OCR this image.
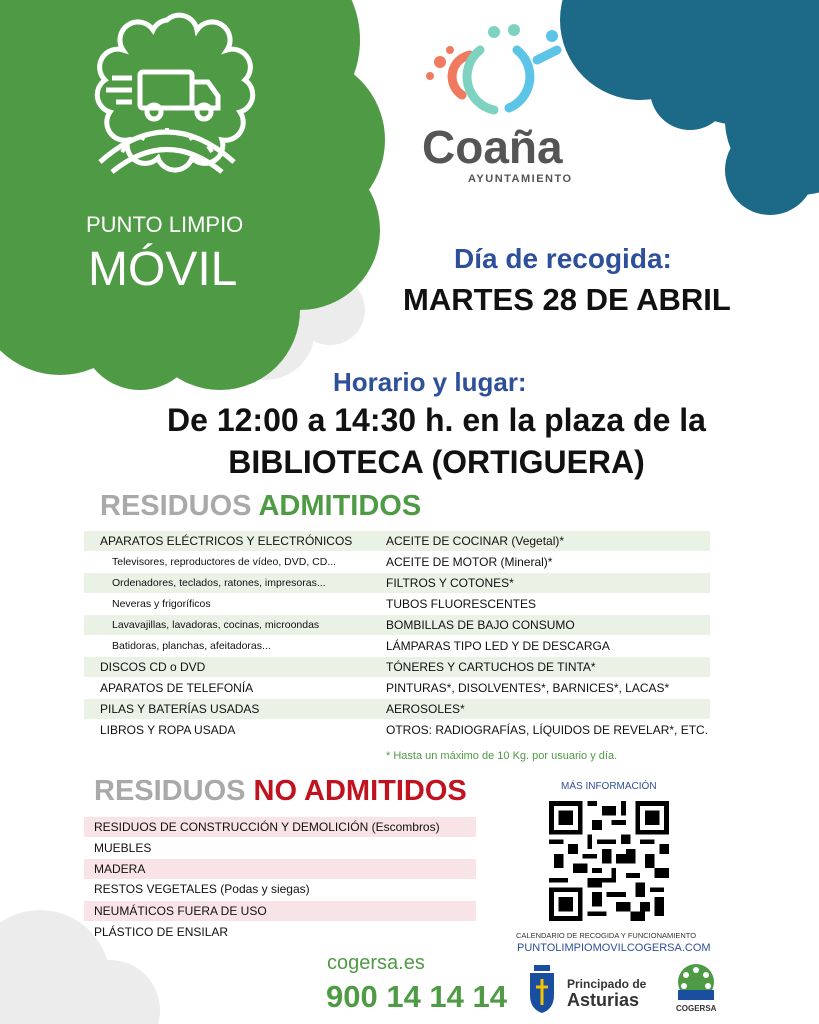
PUNTO LIMPIO
MÓVIL
Coaña
AYUNTAMIENTO
Día de recogida:
MARTES 28 DE ABRIL
Horario y lugar:
De 12:00 a 14:30 h. en la plaza de la
BIBLIOTECA (ORTIGUERA)
RESIDUOS ADMITIDOS
APARATOS ELÉCTRICOS Y ELECTRÓNICOS	ACEITE DE COCINAR (Vegetal)*
Televisores, reproductores de vídeo, DVD, CD...	ACEITE DE MOTOR (Mineral)*
Ordenadores, teclados, ratones, impresoras...	FILTROS Y COTONES*
Neveras y frigoríficos	TUBOS FLUORESCENTES
Lavavajillas, lavadoras, cocinas, microondas	BOMBILLAS DE BAJO CONSUMO
Batidoras, planchas, afeitadoras...	LÁMPARAS TIPO LED Y DE DESCARGA
DISCOS CD o DVD	TÓNERES Y CARTUCHOS DE TINTA*
APARATOS DE TELEFONÍA	PINTURAS*, DISOLVENTES*, BARNICES*, LACAS*
PILAS Y BATERÍAS USADAS	AEROSOLES*
LIBROS Y ROPA USADA	OTROS: RADIOGRAFÍAS, LÍQUIDOS DE REVELAR*, ETC.
* Hasta un máximo de 10 Kg. por usuario y día.
RESIDUOS NO ADMITIDOS
RESIDUOS DE CONSTRUCCIÓN Y DEMOLICIÓN (Escombros)
MUEBLES
MADERA
RESTOS VEGETALES (Podas y siegas)
NEUMÁTICOS FUERA DE USO
PLÁSTICO DE ENSILAR
MÁS INFORMACIÓN
CALENDARIO DE RECOGIDA Y FUNCIONAMIENTO
PUNTOLIMPIOMOVILCOGERSA.COM
cogersa.es
900 14 14 14	Principado de
Asturias	COGERSA
